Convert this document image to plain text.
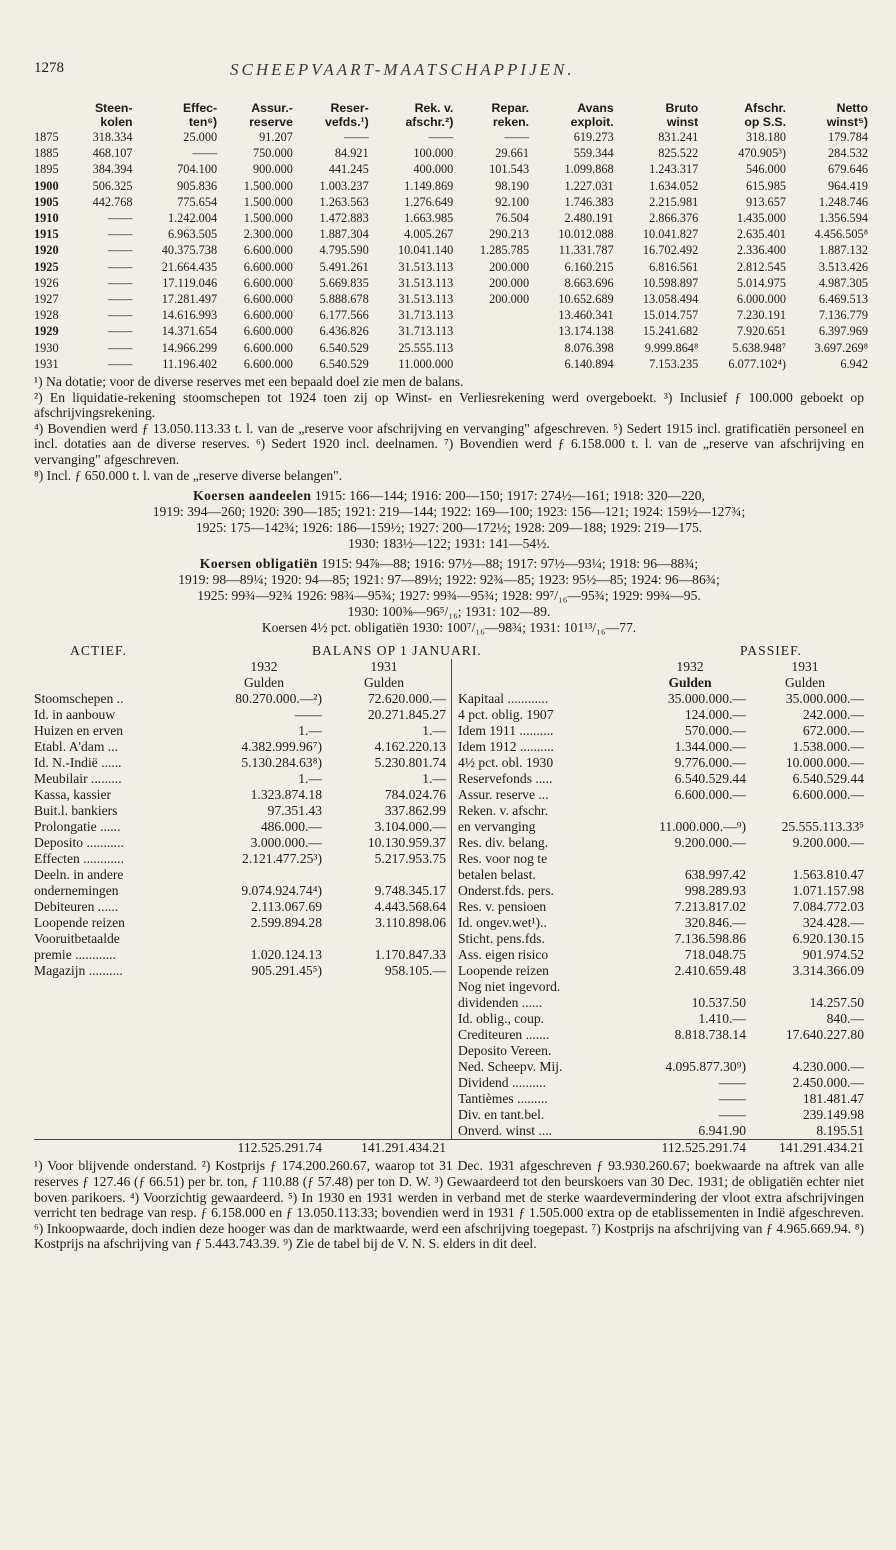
1278	SCHEEPVAART-MAATSCHAPPIJEN.
	Steen-	Effec-	Assur.-	Reser-	Rek. v.	Repar.	Avans	Bruto	Afschr.	Netto
	kolen	ten⁶)	reserve	vefds.¹)	afschr.²)	reken.	exploit.	winst	op S.S.	winst⁵)
1875	318.334	25.000	91.207	——	——	——	619.273	831.241	318.180	179.784
1885	468.107	——	750.000	84.921	100.000	29.661	559.344	825.522	470.905³)	284.532
1895	384.394	704.100	900.000	441.245	400.000	101.543	1.099.868	1.243.317	546.000	679.646
1900	506.325	905.836	1.500.000	1.003.237	1.149.869	98.190	1.227.031	1.634.052	615.985	964.419
1905	442.768	775.654	1.500.000	1.263.563	1.276.649	92.100	1.746.383	2.215.981	913.657	1.248.746
1910	——	1.242.004	1.500.000	1.472.883	1.663.985	76.504	2.480.191	2.866.376	1.435.000	1.356.594
1915	——	6.963.505	2.300.000	1.887.304	4.005.267	290.213	10.012.088	10.041.827	2.635.401	4.456.505⁸
1920	——	40.375.738	6.600.000	4.795.590	10.041.140	1.285.785	11.331.787	16.702.492	2.336.400	1.887.132
1925	——	21.664.435	6.600.000	5.491.261	31.513.113	200.000	6.160.215	6.816.561	2.812.545	3.513.426
1926	——	17.119.046	6.600.000	5.669.835	31.513.113	200.000	8.663.696	10.598.897	5.014.975	4.987.305
1927	——	17.281.497	6.600.000	5.888.678	31.513.113	200.000	10.652.689	13.058.494	6.000.000	6.469.513
1928	——	14.616.993	6.600.000	6.177.566	31.713.113		13.460.341	15.014.757	7.230.191	7.136.779
1929	——	14.371.654	6.600.000	6.436.826	31.713.113		13.174.138	15.241.682	7.920.651	6.397.969
1930	——	14.966.299	6.600.000	6.540.529	25.555.113		8.076.398	9.999.864⁸	5.638.948⁷	3.697.269⁸
1931	——	11.196.402	6.600.000	6.540.529	11.000.000		6.140.894	7.153.235	6.077.102⁴)	6.942

¹) Na dotatie; voor de diverse reserves met een bepaald doel zie men de balans.

²) En liquidatie-rekening stoomschepen tot 1924 toen zij op Winst- en Verliesrekening werd overgeboekt. ³) Inclusief ƒ 100.000 geboekt op afschrijvingsrekening.

⁴) Bovendien werd ƒ 13.050.113.33 t. l. van de „reserve voor afschrijving en vervanging" afgeschreven. ⁵) Sedert 1915 incl. gratificatiën personeel en incl. dotaties aan de diverse reserves. ⁶) Sedert 1920 incl. deelnamen. ⁷) Bovendien werd ƒ 6.158.000 t. l. van de „reserve van afschrijving en vervanging" afgeschreven.

⁸) Incl. ƒ 650.000 t. l. van de „reserve diverse belangen".

Koersen aandeelen 1915: 166—144; 1916: 200—150; 1917: 274½—161; 1918: 320—220,

1919: 394—260; 1920: 390—185; 1921: 219—144; 1922: 169—100; 1923: 156—121; 1924: 159½—127¾;

1925: 175—142¾; 1926: 186—159½; 1927: 200—172½; 1928: 209—188; 1929: 219—175.

1930: 183½—122; 1931: 141—54½.

Koersen obligatiën 1915: 94⅞—88; 1916: 97½—88; 1917: 97½—93¼; 1918: 96—88¾;

1919: 98—89¼; 1920: 94—85; 1921: 97—89½; 1922: 92¾—85; 1923: 95½—85; 1924: 96—86¾;

1925: 99¾—92¾ 1926: 98¾—95¾; 1927: 99¾—95¾; 1928: 99⁷/₁₆—95¾; 1929: 99¾—95.

1930: 100⅜—96⁵/₁₆; 1931: 102—89.

Koersen 4½ pct. obligatiën 1930: 100⁷/₁₆—98¾; 1931: 101¹³/₁₆—77.

ACTIEF.	BALANS OP 1 JANUARI.	PASSIEF.
1932	1931
Gulden	Gulden
Stoomschepen ..	80.270.000.—²)	72.620.000.—
Id. in aanbouw	——	20.271.845.27
Huizen en erven	1.—	1.—
Etabl. A'dam ...	4.382.999.96⁷)	4.162.220.13
Id. N.-Indië ......	5.130.284.63⁸)	5.230.801.74
Meubilair .........	1.—	1.—
Kassa, kassier	1.323.874.18	784.024.76
Buit.l. bankiers	97.351.43	337.862.99
Prolongatie ......	486.000.—	3.104.000.—
Deposito ...........	3.000.000.—	10.130.959.37
Effecten ............	2.121.477.25³)	5.217.953.75
Deeln. in andere
ondernemingen	9.074.924.74⁴)	9.748.345.17
Debiteuren ......	2.113.067.69	4.443.568.64
Loopende reizen	2.599.894.28	3.110.898.06
Vooruitbetaalde
premie ............	1.020.124.13	1.170.847.33
Magazijn ..........	905.291.45⁵)	958.105.—
1932	1931
Gulden	Gulden
Kapitaal ............	35.000.000.—	35.000.000.—
4 pct. oblig. 1907	124.000.—	242.000.—
Idem 1911 ..........	570.000.—	672.000.—
Idem 1912 ..........	1.344.000.—	1.538.000.—
4½ pct. obl. 1930	9.776.000.—	10.000.000.—
Reservefonds .....	6.540.529.44	6.540.529.44
Assur. reserve ...	6.600.000.—	6.600.000.—
Reken. v. afschr.
en vervanging	11.000.000.—⁹)	25.555.113.33⁵
Res. div. belang.	9.200.000.—	9.200.000.—
Res. voor nog te
betalen belast.	638.997.42	1.563.810.47
Onderst.fds. pers.	998.289.93	1.071.157.98
Res. v. pensioen	7.213.817.02	7.084.772.03
Id. ongev.wet¹)..	320.846.—	324.428.—
Sticht. pens.fds.	7.136.598.86	6.920.130.15
Ass. eigen risico	718.048.75	901.974.52
Loopende reizen	2.410.659.48	3.314.366.09
Nog niet ingevord.
dividenden ......	10.537.50	14.257.50
Id. oblig., coup.	1.410.—	840.—
Crediteuren .......	8.818.738.14	17.640.227.80
Deposito Vereen.
Ned. Scheepv. Mij.	4.095.877.30⁹)	4.230.000.—
Dividend ..........	——	2.450.000.—
Tantièmes .........	——	181.481.47
Div. en tant.bel.	——	239.149.98
Onverd. winst ....	6.941.90	8.195.51
112.525.291.74	141.291.434.21	112.525.291.74	141.291.434.21

¹) Voor blijvende onderstand. ²) Kostprijs ƒ 174.200.260.67, waarop tot 31 Dec. 1931 afgeschreven ƒ 93.930.260.67; boekwaarde na aftrek van alle reserves ƒ 127.46 (ƒ 66.51) per br. ton, ƒ 110.88 (ƒ 57.48) per ton D. W. ³) Gewaardeerd tot den beurskoers van 30 Dec. 1931; de obligatiën echter niet boven parikoers. ⁴) Voorzichtig gewaardeerd. ⁵) In 1930 en 1931 werden in verband met de sterke waardevermindering der vloot extra afschrijvingen verricht ten bedrage van resp. ƒ 6.158.000 en ƒ 13.050.113.33; bovendien werd in 1931 ƒ 1.505.000 extra op de etablissementen in Indië afgeschreven. ⁶) Inkoopwaarde, doch indien deze hooger was dan de marktwaarde, werd een afschrijving toegepast. ⁷) Kostprijs na afschrijving van ƒ 4.965.669.94. ⁸) Kostprijs na afschrijving van ƒ 5.443.743.39. ⁹) Zie de tabel bij de V. N. S. elders in dit deel.
